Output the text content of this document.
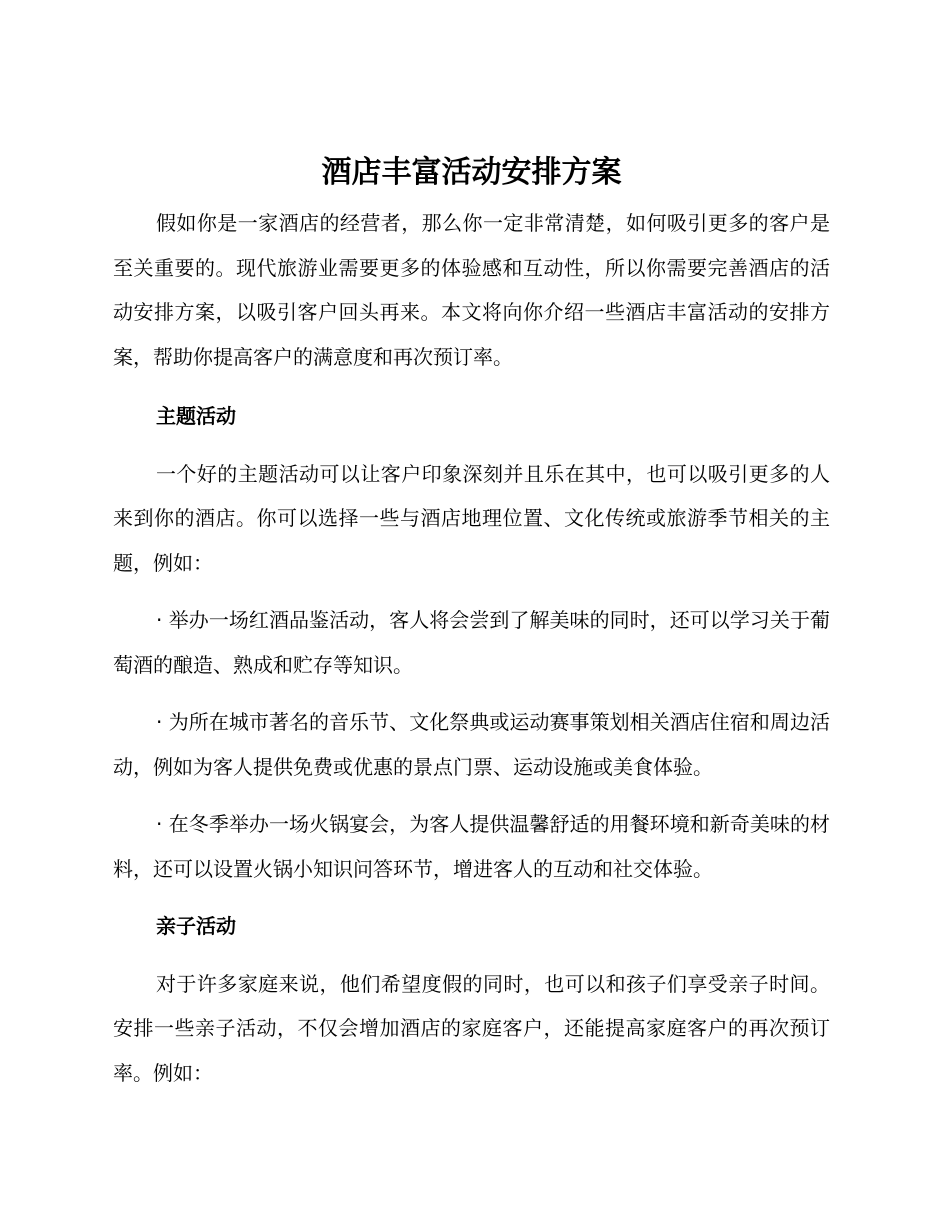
酒店丰富活动安排方案

假如你是一家酒店的经营者，那么你一定非常清楚，如何吸引更多的客户是至关重要的。现代旅游业需要更多的体验感和互动性，所以你需要完善酒店的活动安排方案，以吸引客户回头再来。本文将向你介绍一些酒店丰富活动的安排方案，帮助你提高客户的满意度和再次预订率。

主题活动

一个好的主题活动可以让客户印象深刻并且乐在其中，也可以吸引更多的人来到你的酒店。你可以选择一些与酒店地理位置、文化传统或旅游季节相关的主题，例如：

· 举办一场红酒品鉴活动，客人将会尝到了解美味的同时，还可以学习关于葡萄酒的酿造、熟成和贮存等知识。

· 为所在城市著名的音乐节、文化祭典或运动赛事策划相关酒店住宿和周边活动，例如为客人提供免费或优惠的景点门票、运动设施或美食体验。

· 在冬季举办一场火锅宴会，为客人提供温馨舒适的用餐环境和新奇美味的材料，还可以设置火锅小知识问答环节，增进客人的互动和社交体验。

亲子活动

对于许多家庭来说，他们希望度假的同时，也可以和孩子们享受亲子时间。安排一些亲子活动，不仅会增加酒店的家庭客户，还能提高家庭客户的再次预订率。例如：
